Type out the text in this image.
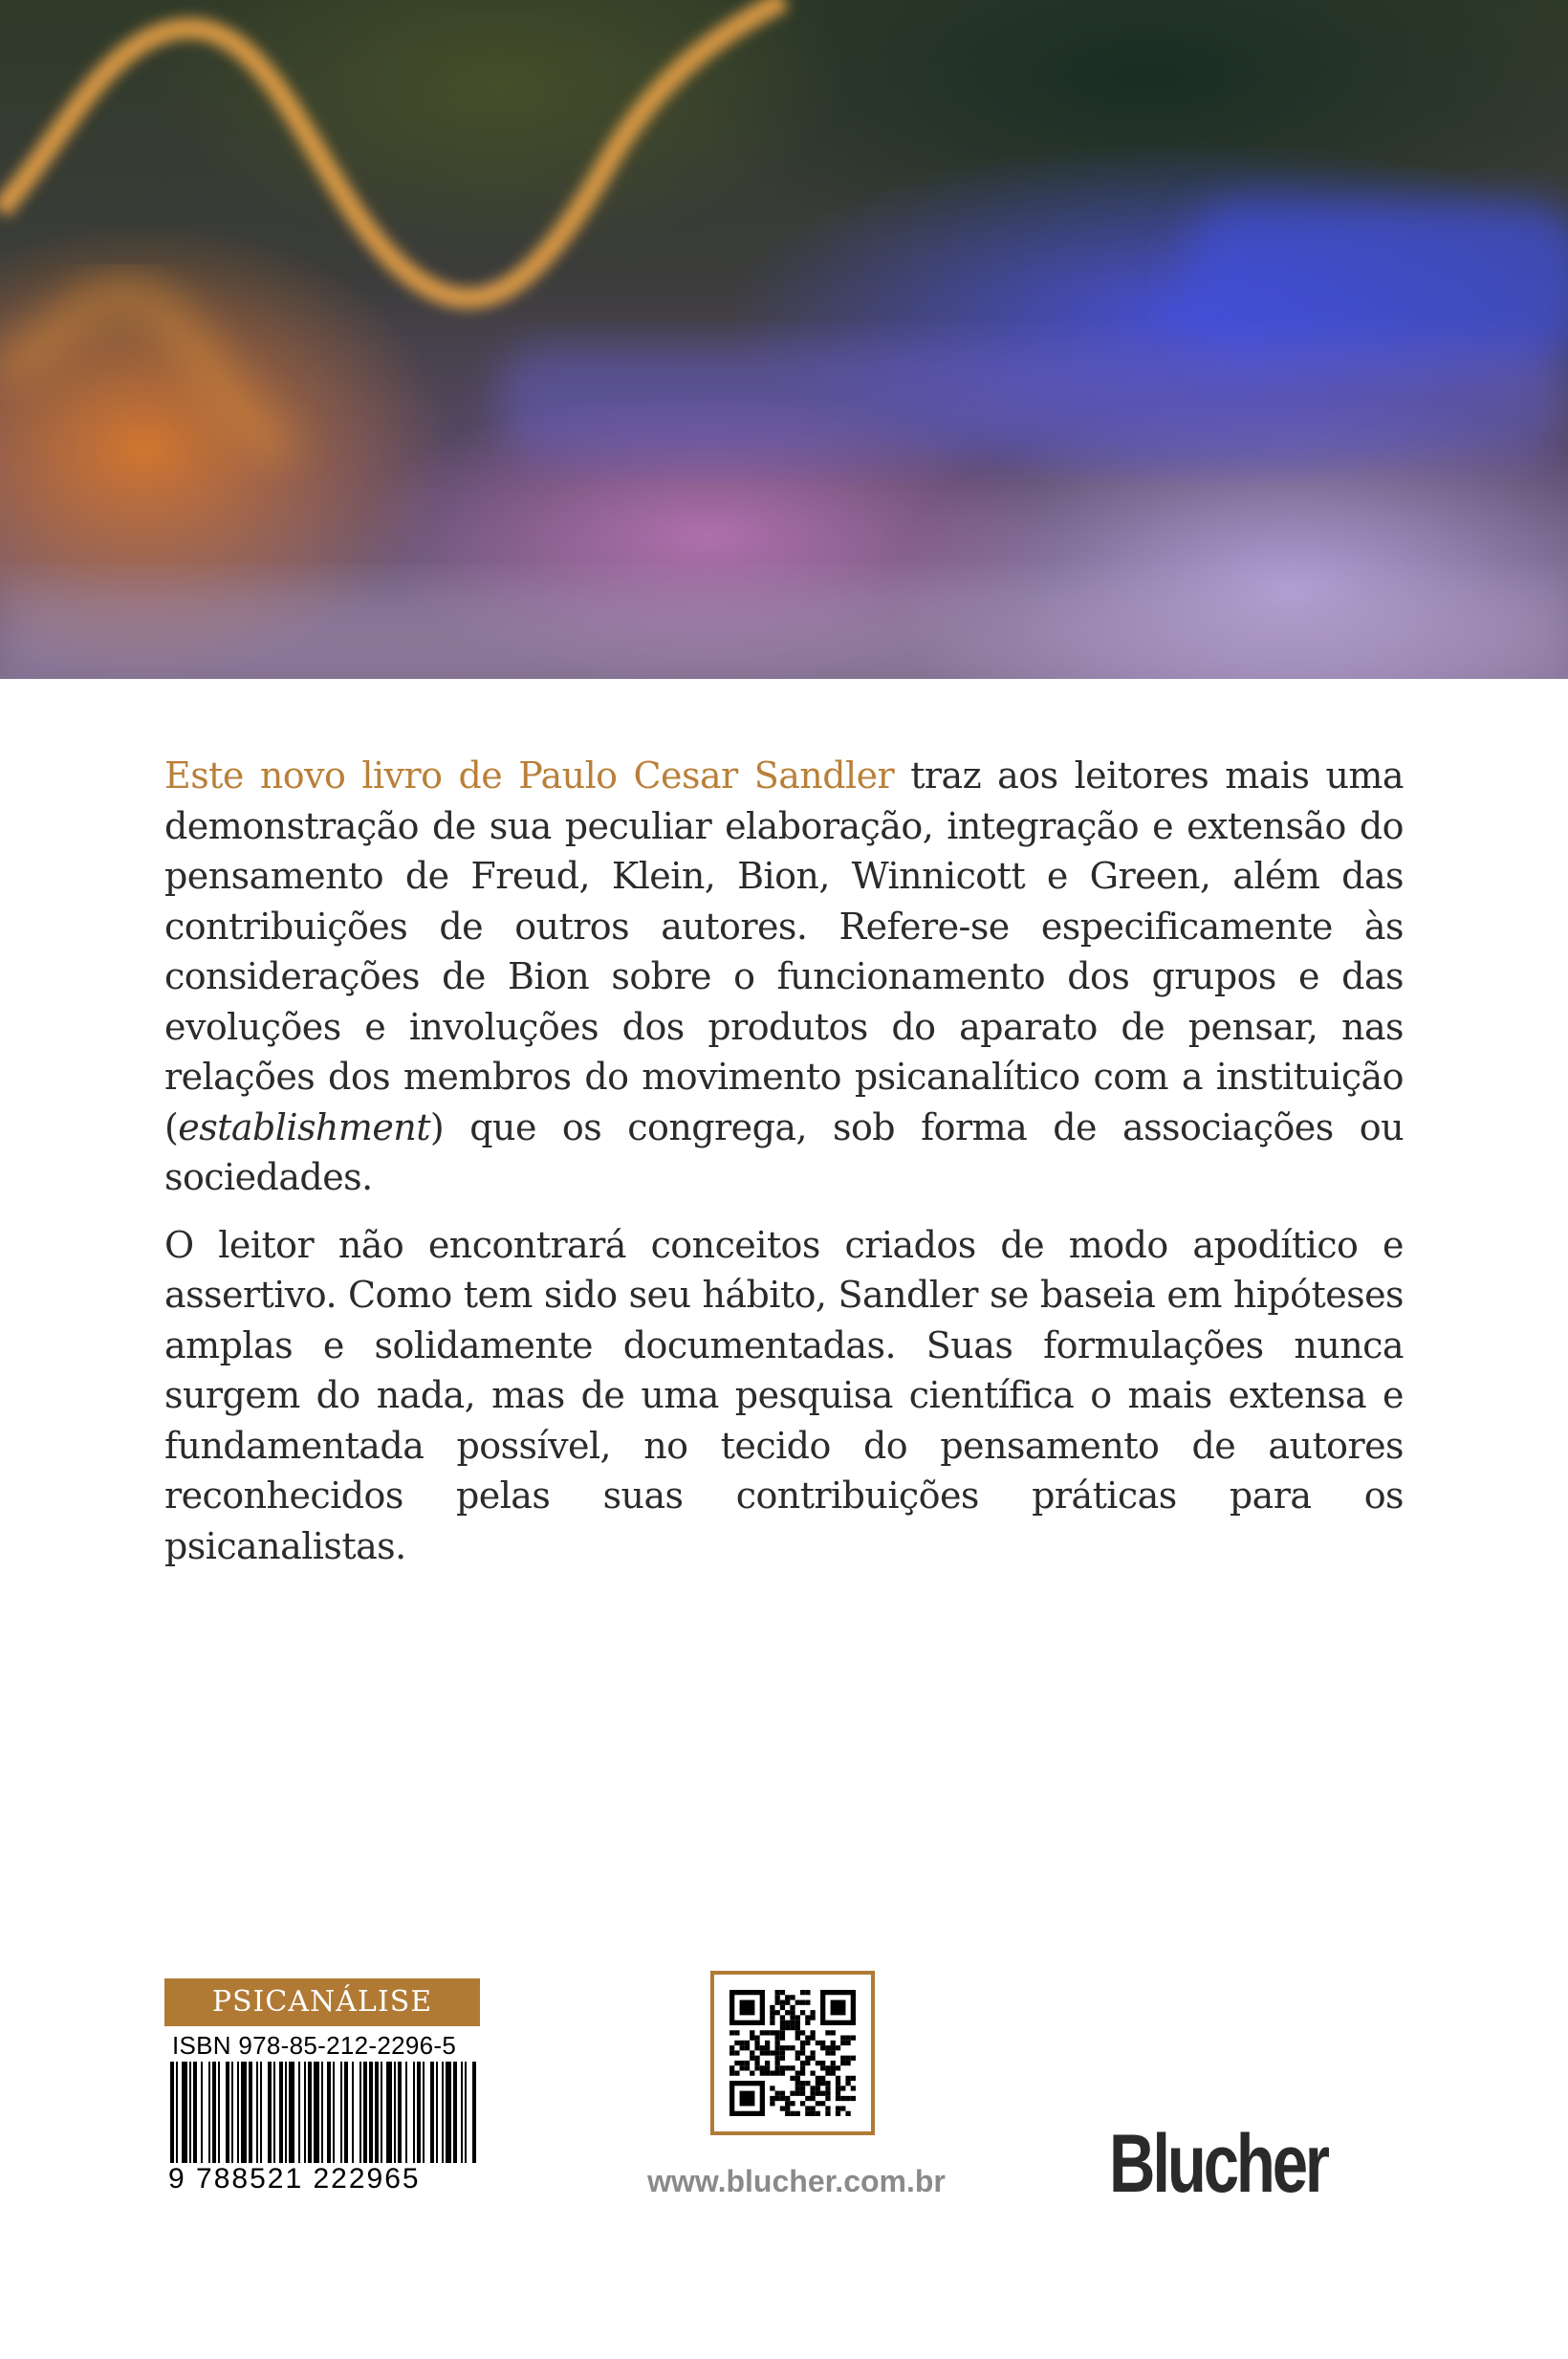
Este novo livro de Paulo Cesar Sandler traz aos leitores mais uma demonstração de sua peculiar elaboração, integração e extensão do pensamento de Freud, Klein, Bion, Winnicott e Green, além das contribuições de outros autores. Refere-se especificamente às considerações de Bion sobre o funcionamento dos grupos e das evoluções e involuções dos produtos do aparato de pensar, nas relações dos membros do movimento psicanalítico com a instituição (establishment) que os congrega, sob forma de associações ou sociedades.

O leitor não encontrará conceitos criados de modo apodítico e assertivo. Como tem sido seu hábito, Sandler se baseia em hipóteses amplas e solidamente documentadas. Suas formulações nunca surgem do nada, mas de uma pesquisa científica o mais extensa e fundamentada possível, no tecido do pensamento de autores reconhecidos pelas suas contribuições práticas para os psicanalistas.

PSICANÁLISE
ISBN 978-85-212-2296-5
9 788521 222965	www.blucher.com.br Blucher
